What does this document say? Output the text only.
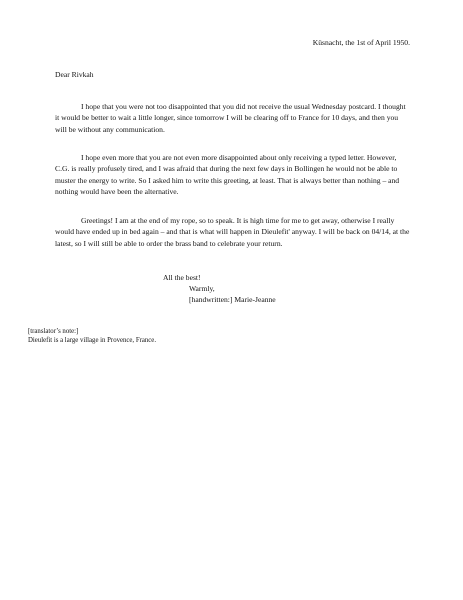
Küsnacht, the 1st of April 1950.
Dear Rivkah

I hope that you were not too disappointed that you did not receive the usual Wednesday postcard. I thought it would be better to wait a little longer, since tomorrow I will be clearing off to France for 10 days, and then you will be without any communication.

I hope even more that you are not even more disappointed about only receiving a typed letter. However, C.G. is really profusely tired, and I was afraid that during the next few days in Bollingen he would not be able to muster the energy to write. So I asked him to write this greeting, at least. That is always better than nothing – and nothing would have been the alternative.

Greetings! I am at the end of my rope, so to speak. It is high time for me to get away, otherwise I really would have ended up in bed again – and that is what will happen in Dieulefit' anyway. I will be back on 04/14, at the latest, so I will still be able to order the brass band to celebrate your return.

All the best!
Warmly,
[handwritten:] Marie-Jeanne
[translator’s note:]
Dieulefit is a large village in Provence, France.
